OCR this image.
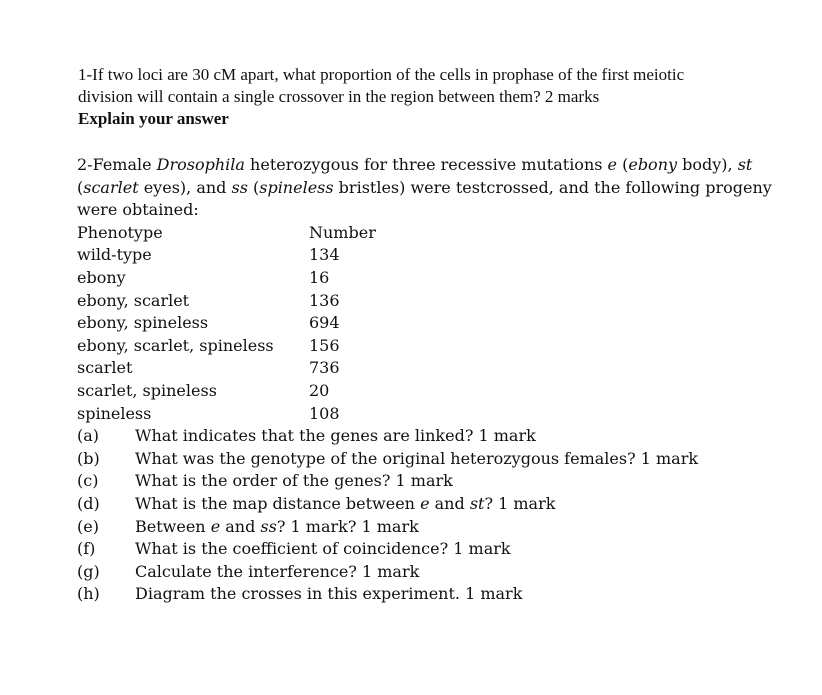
1-If two loci are 30 cM apart, what proportion of the cells in prophase of the first meiotic
division will contain a single crossover in the region between them? 2 marks
Explain your answer
2-Female Drosophila heterozygous for three recessive mutations e (ebony body), st
(scarlet eyes), and ss (spineless bristles) were testcrossed, and the following progeny
were obtained:
Phenotype	Number
wild-type	134
ebony	16
ebony, scarlet	136
ebony, spineless	694
ebony, scarlet, spineless 156
scarlet	736
scarlet, spineless	20
spineless	108
(a) What indicates that the genes are linked? 1 mark
(b) What was the genotype of the original heterozygous females? 1 mark
(c) What is the order of the genes? 1 mark
(d) What is the map distance between e and st? 1 mark
(e) Between e and ss? 1 mark? 1 mark
(f) What is the coefficient of coincidence? 1 mark
(g) Calculate the interference? 1 mark
(h) Diagram the crosses in this experiment. 1 mark
